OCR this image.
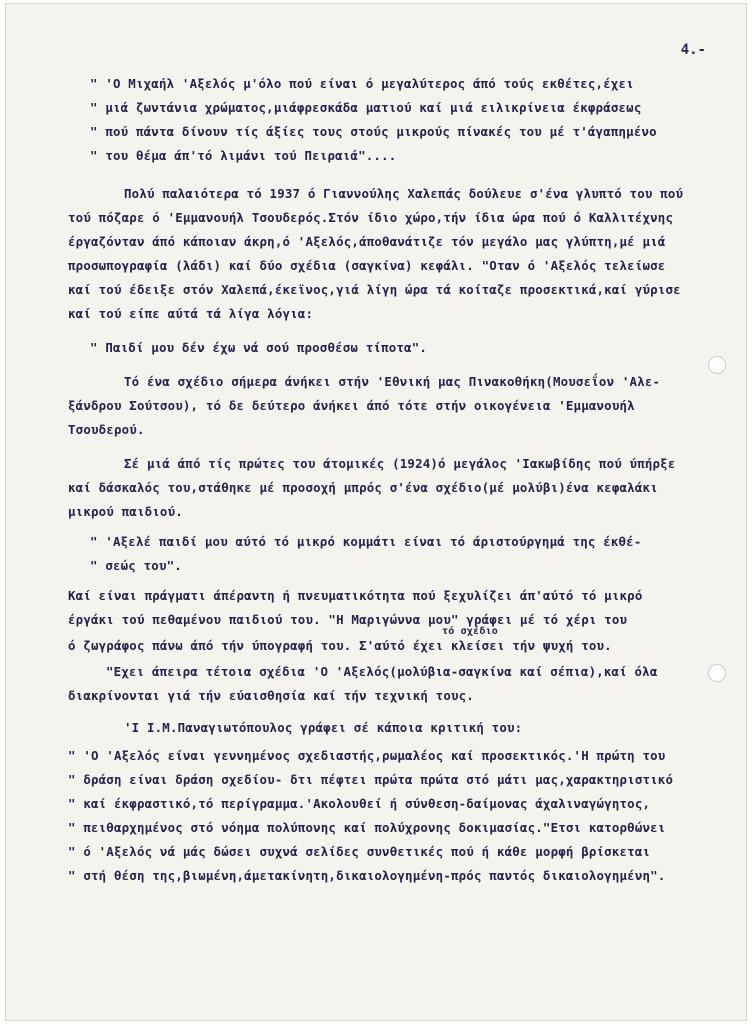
4.-
" 'Ο Μιχαήλ 'Αξελός μ'όλο πού είναι ό μεγαλύτερος άπό τούς εκθέτες,έχει
" μιά ζωντάνια χρώματος,μιάφρεσκάδα ματιού καί μιά ειλικρίνεια έκφράσεως
" πού πάντα δίνουν τίς άξίες τους στούς μικρούς πίνακές του μέ τ'άγαπημένο
" του θέμα άπ'τό λιμάνι τού Πειραιά"....
Πολύ παλαιότερα τό 1937 ό Γιαννούλης Χαλεπάς δούλευε σ'ένα γλυπτό του πού
τού πόζαρε ό 'Εμμανουήλ Τσουδερός.Στόν ίδιο χώρο,τήν ίδια ώρα πού ό Καλλιτέχνης
έργαζόνταν άπό κάποιαν άκρη,ό 'Αξελός,άποθανάτιζε τόν μεγάλο μας γλύπτη,μέ μιά
προσωπογραφία (λάδι) καί δύο σχέδια (σαγκίνα) κεφάλι. "Οταν ό 'Αξελός τελείωσε
καί τού έδειξε στόν Χαλεπά,έκεϊνος,γιά λίγη ώρα τά κοίταζε προσεκτικά,καί γύρισε
καί τού είπε αύτά τά λίγα λόγια:
" Παιδί μου δέν έχω νά σού προσθέσω τίποτα".
Τό ένα σχέδιο σήμερα άνήκει στήν 'Εθνική μας Πινακοθήκη(Μουσεΐον 'Αλε-
ξάνδρου Σούτσου), τό δε δεύτερο άνήκει άπό τότε στήν οικογένεια 'Εμμανουήλ
Τσουδερού.
Σέ μιά άπό τίς πρώτες του άτομικές (1924)ό μεγάλος 'Ιακωβίδης πού ύπήρξε
καί δάσκαλός του,στάθηκε μέ προσοχή μπρός σ'ένα σχέδιο(μέ μολύβι)ένα κεφαλάκι
μικρού παιδιού.
" 'Αξελέ παιδί μου αύτό τό μικρό κομμάτι είναι τό άριστούργημά της έκθέ-
" σεώς του".
Καί είναι πράγματι άπέραντη ή πνευματικότητα πού ξεχυλίζει άπ'αύτό τό μικρό
έργάκι τού πεθαμένου παιδιού του. "Η Μαριγώννα μου" γράφει μέ τό χέρι του
τό σχέδιο
ό ζωγράφος πάνω άπό τήν ύπογραφή του. Σ'αύτό έχει κλείσει τήν ψυχή του.
"Εχει άπειρα τέτοια σχέδια 'Ο 'Αξελός(μολύβια-σαγκίνα καί σέπια),καί όλα
διακρίνονται γιά τήν εύαισθησία καί τήν τεχνική τους.
'Ι Ι.Μ.Παναγιωτόπουλος γράφει σέ κάποια κριτική του:
" 'Ο 'Αξελός είναι γεννημένος σχεδιαστής,ρωμαλέος καί προσεκτικός.'Η πρώτη του
" δράση είναι δράση σχεδίου- δτι πέφτει πρώτα πρώτα στό μάτι μας,χαρακτηριστικό
" καί έκφραστικό,τό περίγραμμα.'Ακολουθεί ή σύνθεση-δαίμονας άχαλιναγώγητος,
" πειθαρχημένος στό νόημα πολύπονης καί πολύχρονης δοκιμασίας."Ετσι κατορθώνει
" ό 'Αξελός νά μάς δώσει συχνά σελίδες συνθετικές πού ή κάθε μορφή βρίσκεται
" στή θέση της,βιωμένη,άμετακίνητη,δικαιολογημένη-πρός παντός δικαιολογημένη".
